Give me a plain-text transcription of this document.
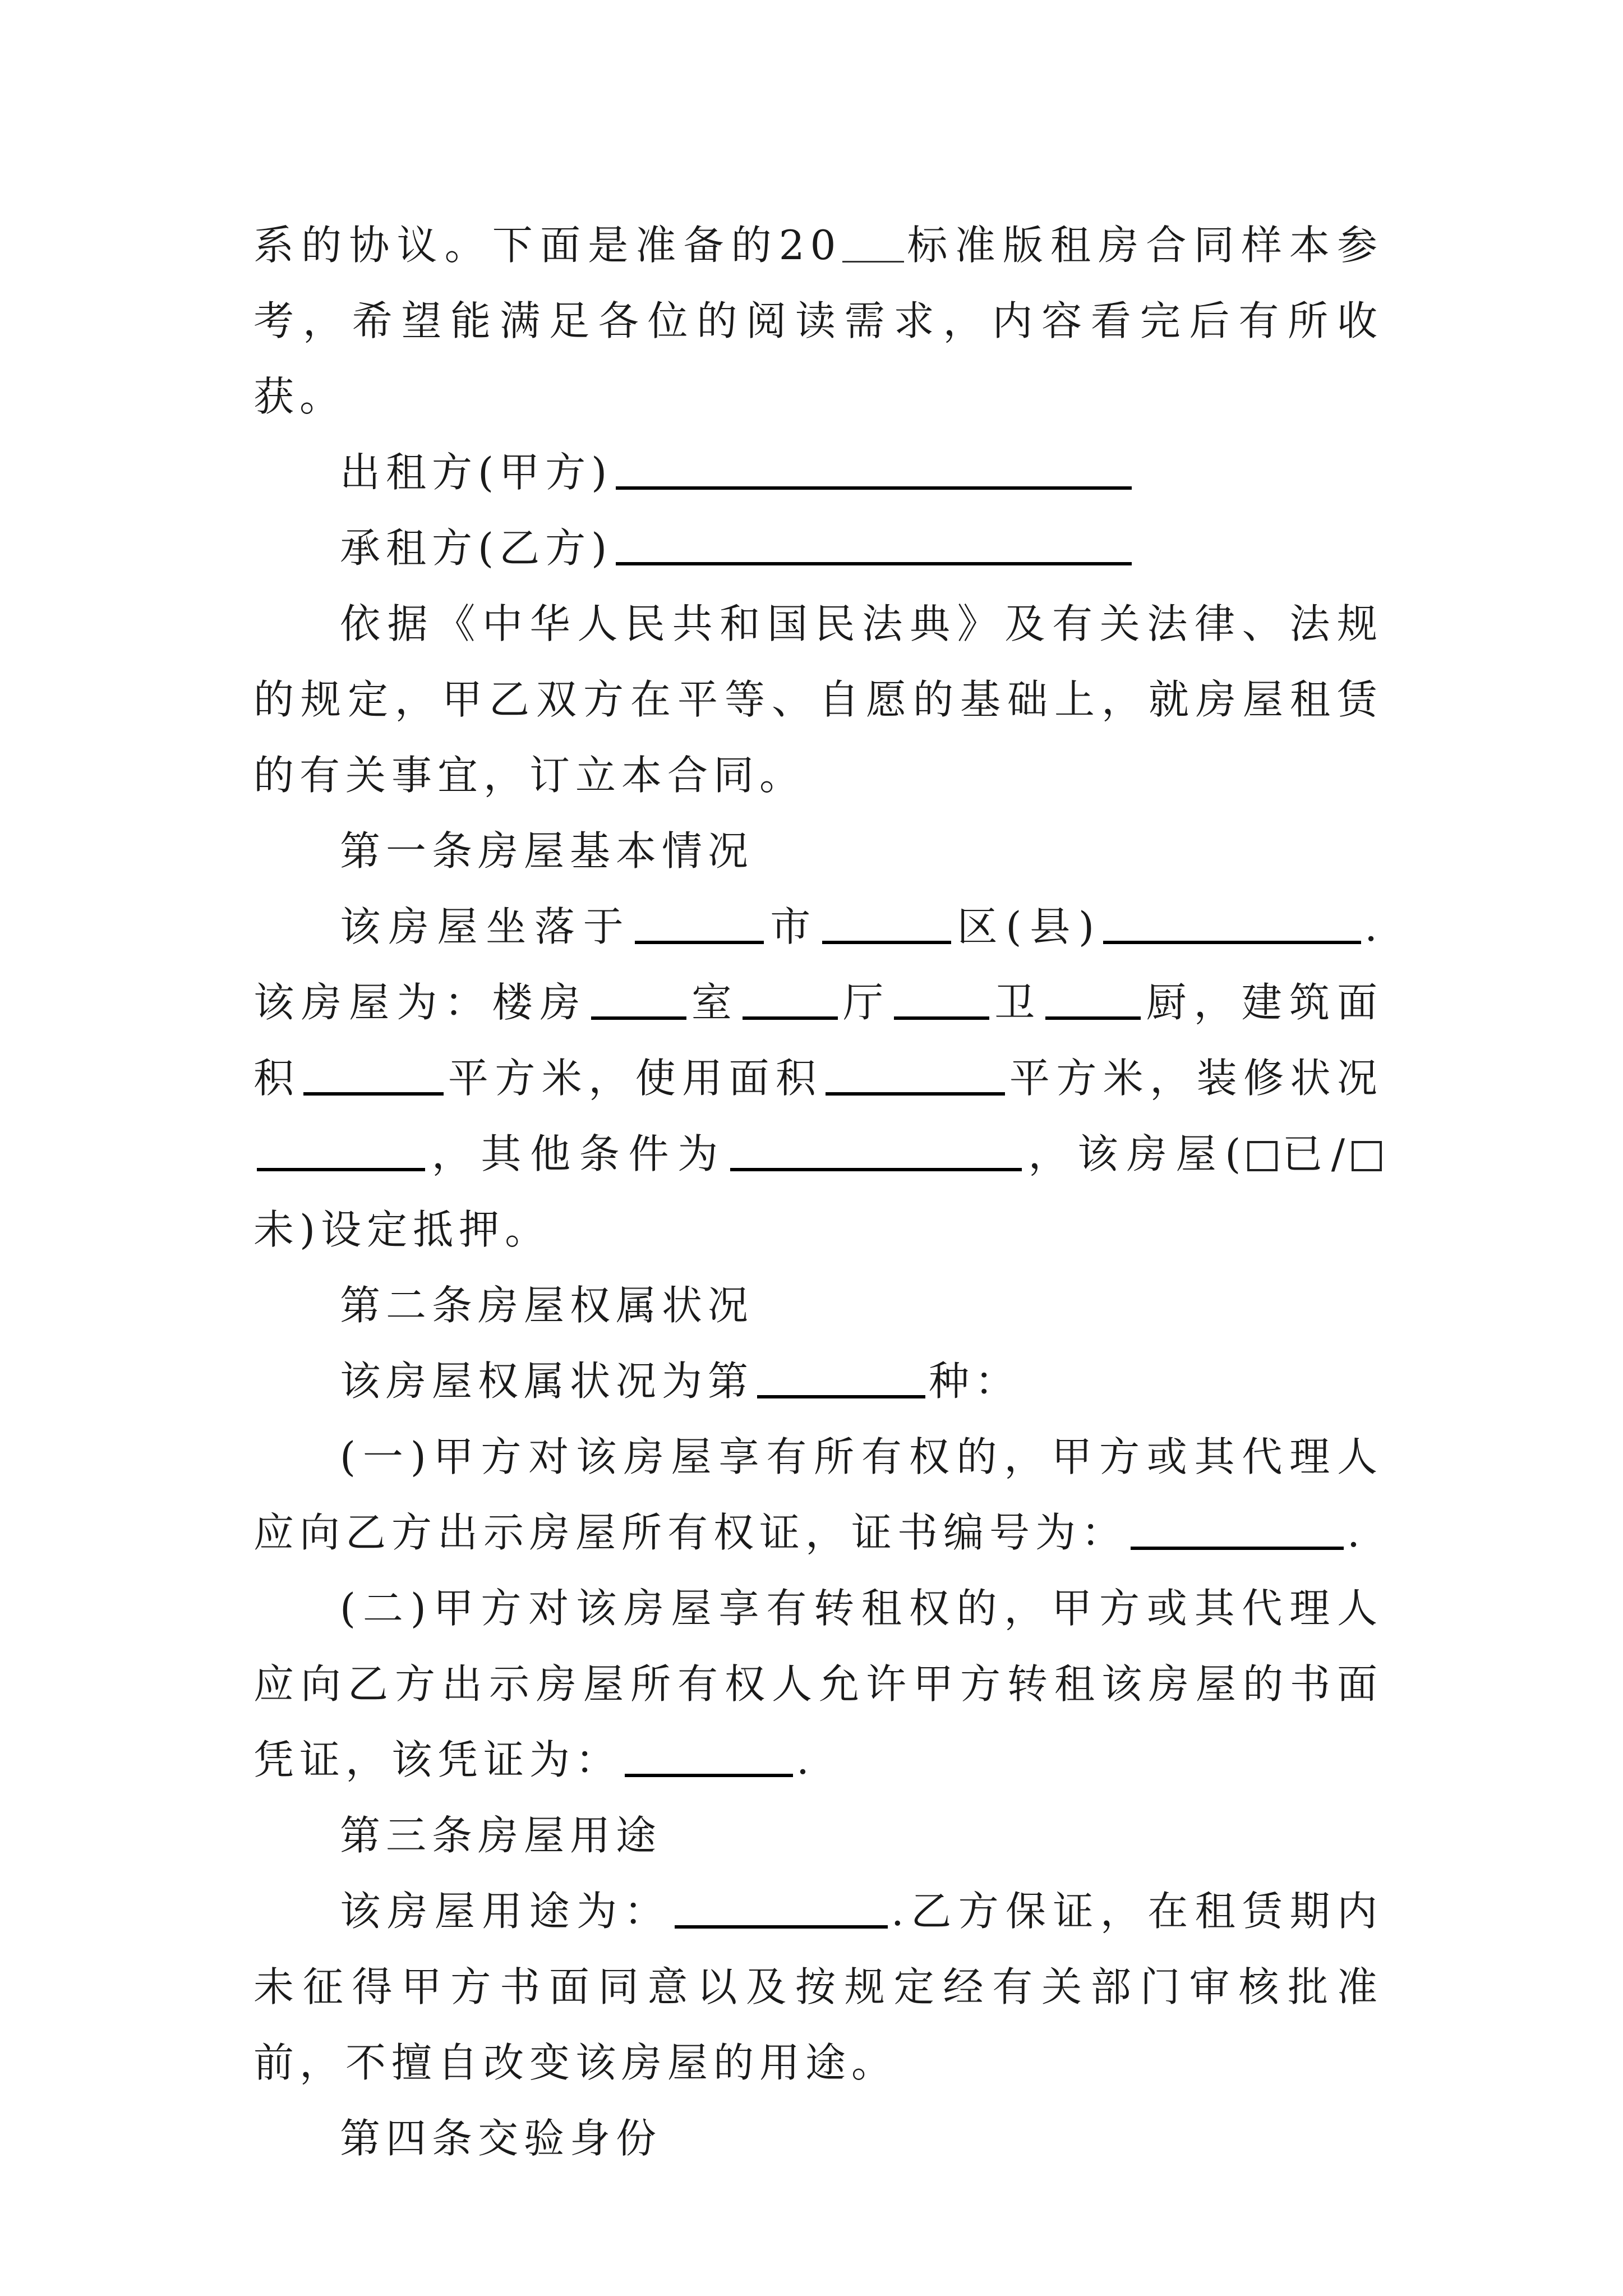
系的协议。下面是准备的20 标准版租房合同样本参考，希望能满足各位的阅读需求，内容看完后有所收获。

出租方(甲方)

承租方(乙方)

依据《中华人民共和国民法典》及有关法律、法规的规定，甲乙双方在平等、自愿的基础上，就房屋租赁的有关事宜，订立本合同。

第一条房屋基本情况

该房屋坐落于	市	区(县)	.该房屋为：楼房	室	厅	卫	厨，建筑面积	平方米，使用面积	平方米，装修状况，其他条件为	，该房屋( 已/未)设定抵押。

第二条房屋权属状况

该房屋权属状况为第	种：

(一)甲方对该房屋享有所有权的，甲方或其代理人应向乙方出示房屋所有权证，证书编号为：	.

(二)甲方对该房屋享有转租权的，甲方或其代理人应向乙方出示房屋所有权人允许甲方转租该房屋的书面凭证，该凭证为：	.

第三条房屋用途

该房屋用途为：	.乙方保证，在租赁期内未征得甲方书面同意以及按规定经有关部门审核批准前，不擅自改变该房屋的用途。

第四条交验身份
